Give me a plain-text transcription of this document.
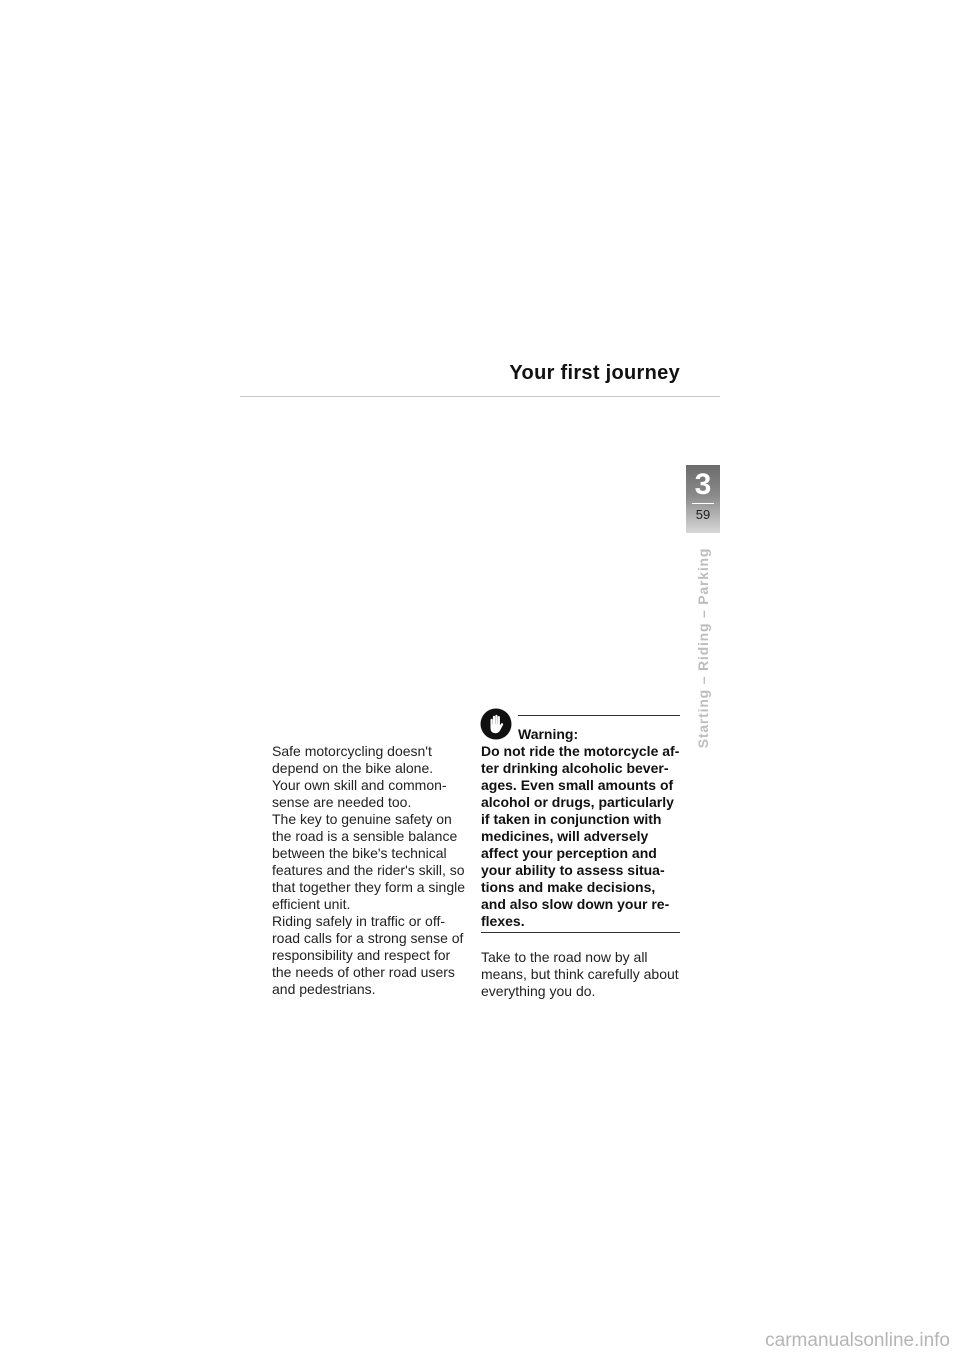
Your first journey
3
59
Starting – Riding – Parking
Safe motorcycling doesn't
depend on the bike alone.
Your own skill and common-
sense are needed too.
The key to genuine safety on
the road is a sensible balance
between the bike's technical
features and the rider's skill, so
that together they form a single
efficient unit.
Riding safely in traffic or off-
road calls for a strong sense of
responsibility and respect for
the needs of other road users
and pedestrians.
Warning:
Do not ride the motorcycle af-
ter drinking alcoholic bever-
ages. Even small amounts of
alcohol or drugs, particularly
if taken in conjunction with
medicines, will adversely
affect your perception and
your ability to assess situa-
tions and make decisions,
and also slow down your re-
flexes.
Take to the road now by all
means, but think carefully about
everything you do.
carmanualsonline.info
